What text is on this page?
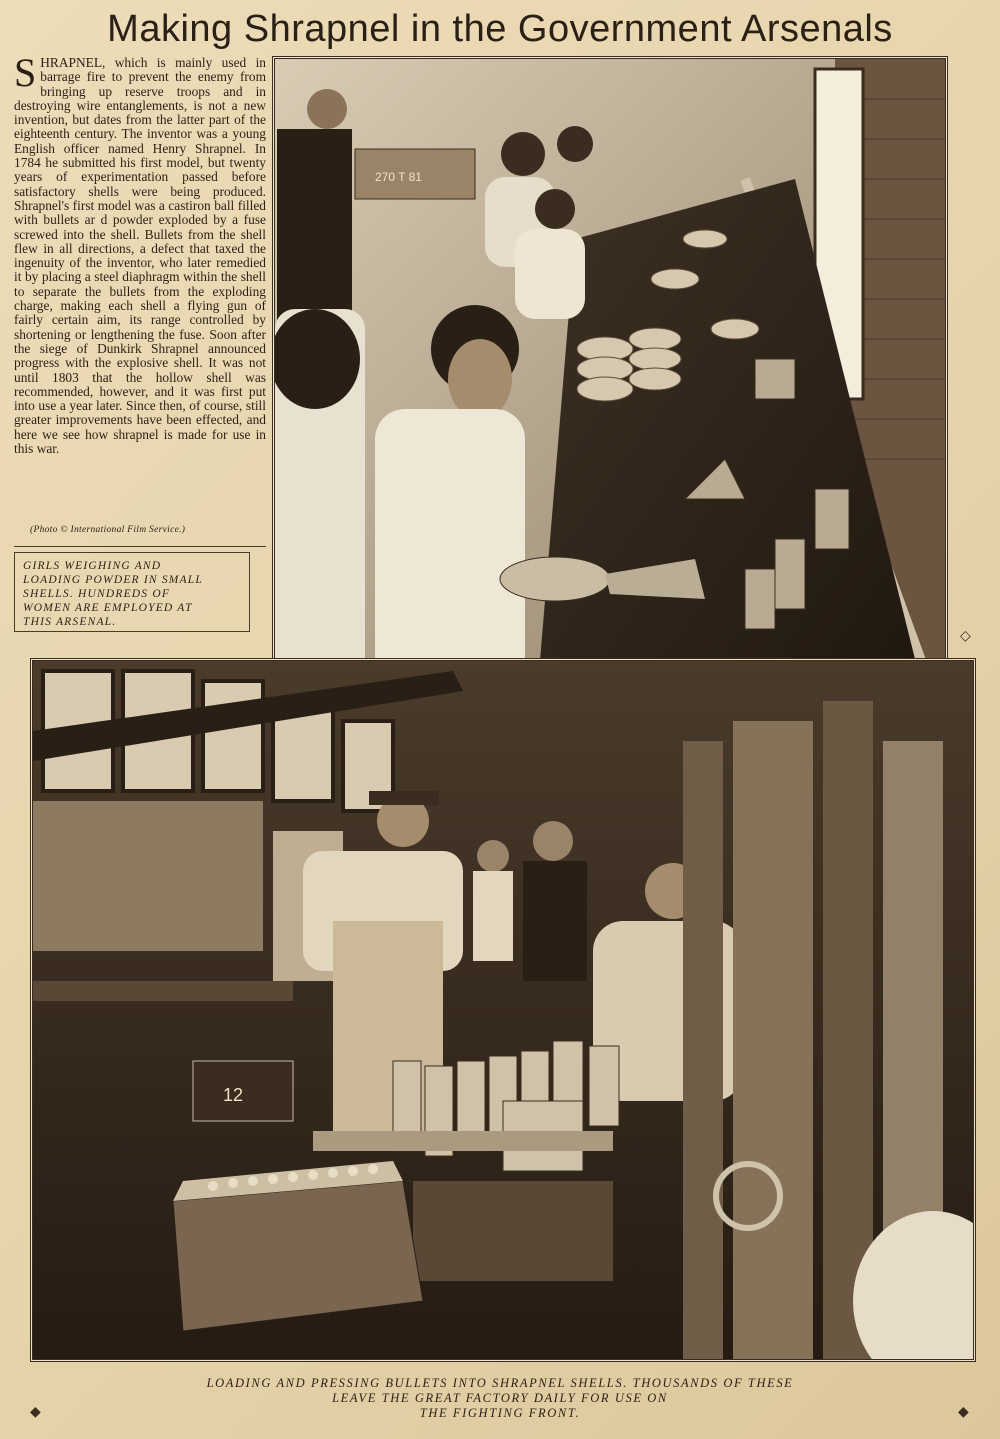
Making Shrapnel in the Government Arsenals
SHRAPNEL, which is mainly used in barrage fire to prevent the enemy from bringing up reserve troops and in destroying wire entanglements, is not a new invention, but dates from the latter part of the eighteenth century. The inventor was a young English officer named Henry Shrapnel. In 1784 he submitted his first model, but twenty years of experimentation passed before satisfactory shells were being produced. Shrapnel's first model was a castiron ball filled with bullets ar d powder exploded by a fuse screwed into the shell. Bullets from the shell flew in all directions, a defect that taxed the ingenuity of the inventor, who later remedied it by placing a steel diaphragm within the shell to separate the bullets from the exploding charge, making each shell a flying gun of fairly certain aim, its range controlled by shortening or lengthening the fuse. Soon after the siege of Dunkirk Shrapnel announced progress with the explosive shell. It was not until 1803 that the hollow shell was recommended, however, and it was first put into use a year later. Since then, of course, still greater improvements have been effected, and here we see how shrapnel is made for use in this war.
(Photo © International Film Service.)
GIRLS WEIGHING AND
LOADING POWDER IN SMALL
SHELLS. HUNDREDS OF
WOMEN ARE EMPLOYED AT
THIS ARSENAL.
270 T 81
12
LOADING AND PRESSING BULLETS INTO SHRAPNEL SHELLS. THOUSANDS OF THESE
LEAVE THE GREAT FACTORY DAILY FOR USE ON
THE FIGHTING FRONT.
◆	◆
◇
